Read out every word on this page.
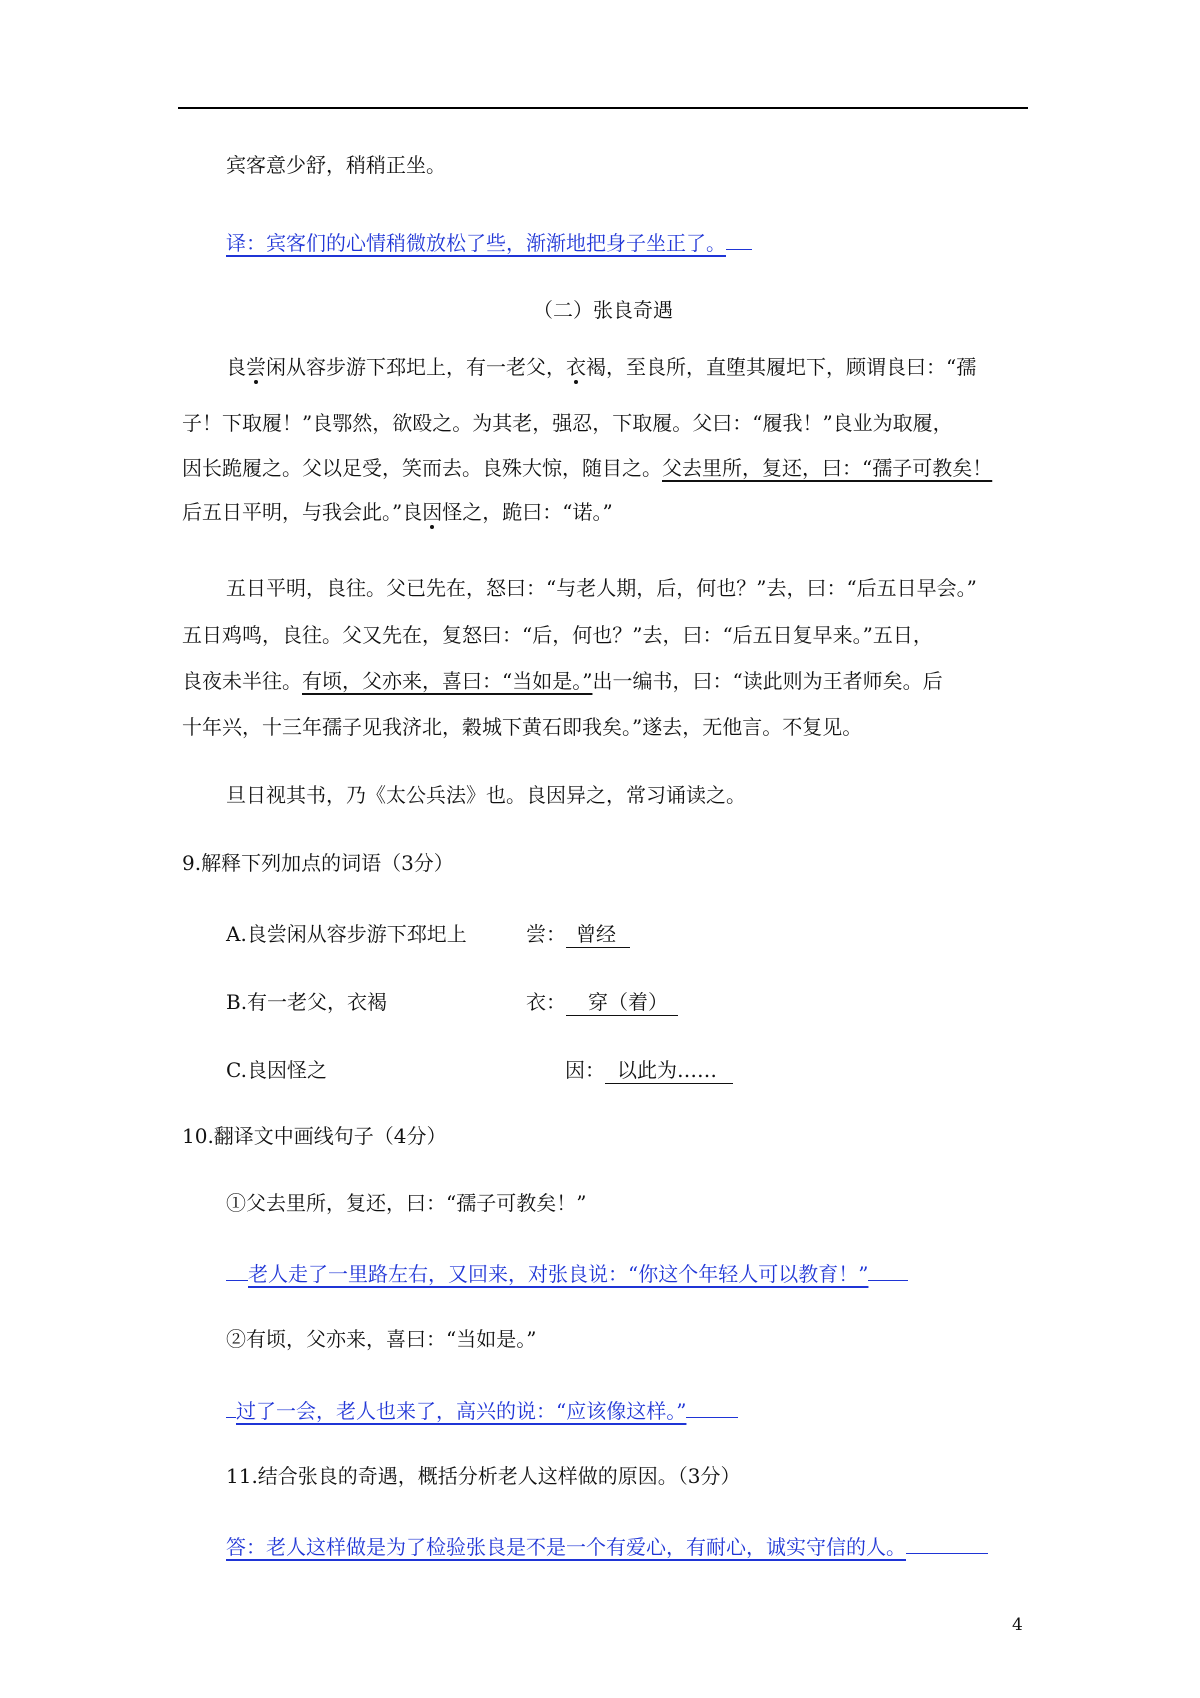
宾客意少舒，稍稍正坐。
译：宾客们的心情稍微放松了些，渐渐地把身子坐正了。
（二）张良奇遇
良尝闲从容步游下邳圯上，有一老父，衣褐，至良所，直堕其履圯下，顾谓良曰：“孺
子！下取履！”良鄂然，欲殴之。为其老，强忍，下取履。父曰：“履我！”良业为取履，
因长跪履之。父以足受，笑而去。良殊大惊，随目之。父去里所，复还，曰：“孺子可教矣！
后五日平明，与我会此。”良因怪之，跪曰：“诺。”
五日平明，良往。父已先在，怒曰：“与老人期，后，何也？”去，曰：“后五日早会。”
五日鸡鸣，良往。父又先在，复怒曰：“后，何也？”去，曰：“后五日复早来。”五日，
良夜未半往。有顷，父亦来，喜曰：“当如是。”出一编书，曰：“读此则为王者师矣。后
十年兴，十三年孺子见我济北，穀城下黄石即我矣。”遂去，无他言。不复见。
旦日视其书，乃《太公兵法》也。良因异之，常习诵读之。
9.解释下列加点的词语（3分）
A.良尝闲从容步游下邳圯上	尝： 曾经
B.有一老父，衣褐	衣： 穿（着）
C.良因怪之	因： 以此为……
10.翻译文中画线句子（4分）
①父去里所，复还，曰：“孺子可教矣！”
老人走了一里路左右，又回来，对张良说：“你这个年轻人可以教育！”
②有顷，父亦来，喜曰：“当如是。”
过了一会，老人也来了，高兴的说：“应该像这样。”
11.结合张良的奇遇，概括分析老人这样做的原因。（3分）
答：老人这样做是为了检验张良是不是一个有爱心，有耐心，诚实守信的人。
4
